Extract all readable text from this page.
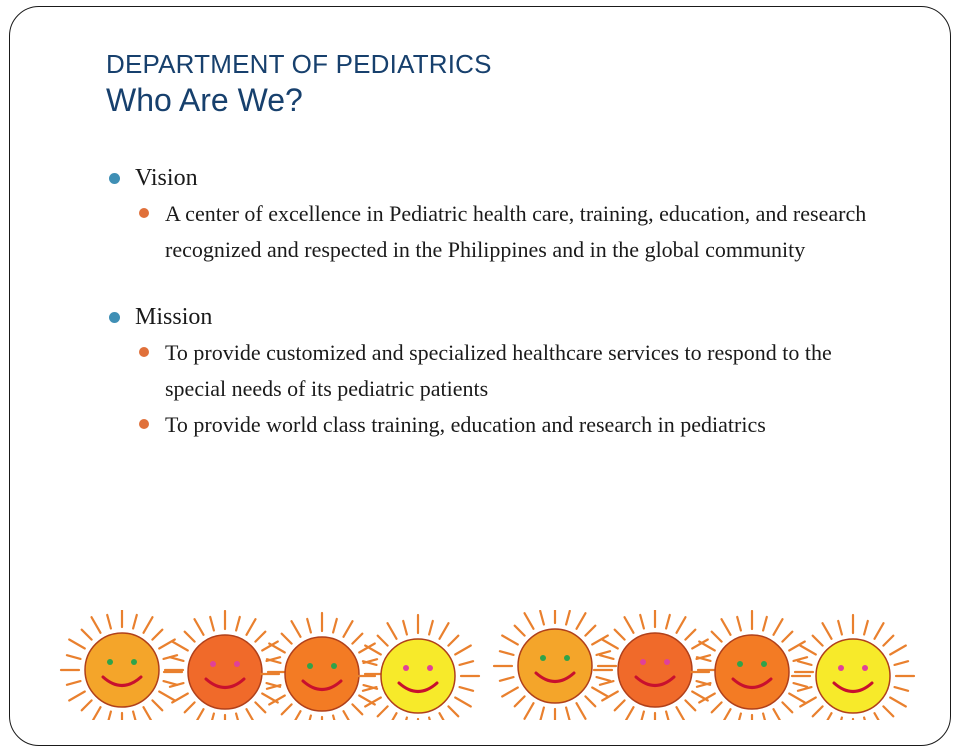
DEPARTMENT OF PEDIATRICS
Who Are We?
Vision
A center of excellence in Pediatric health care, training, education, and research recognized and respected in the Philippines and in the global community
Mission
To provide customized and specialized healthcare services to respond to the special needs of its pediatric patients
To provide world class training, education and research in pediatrics
